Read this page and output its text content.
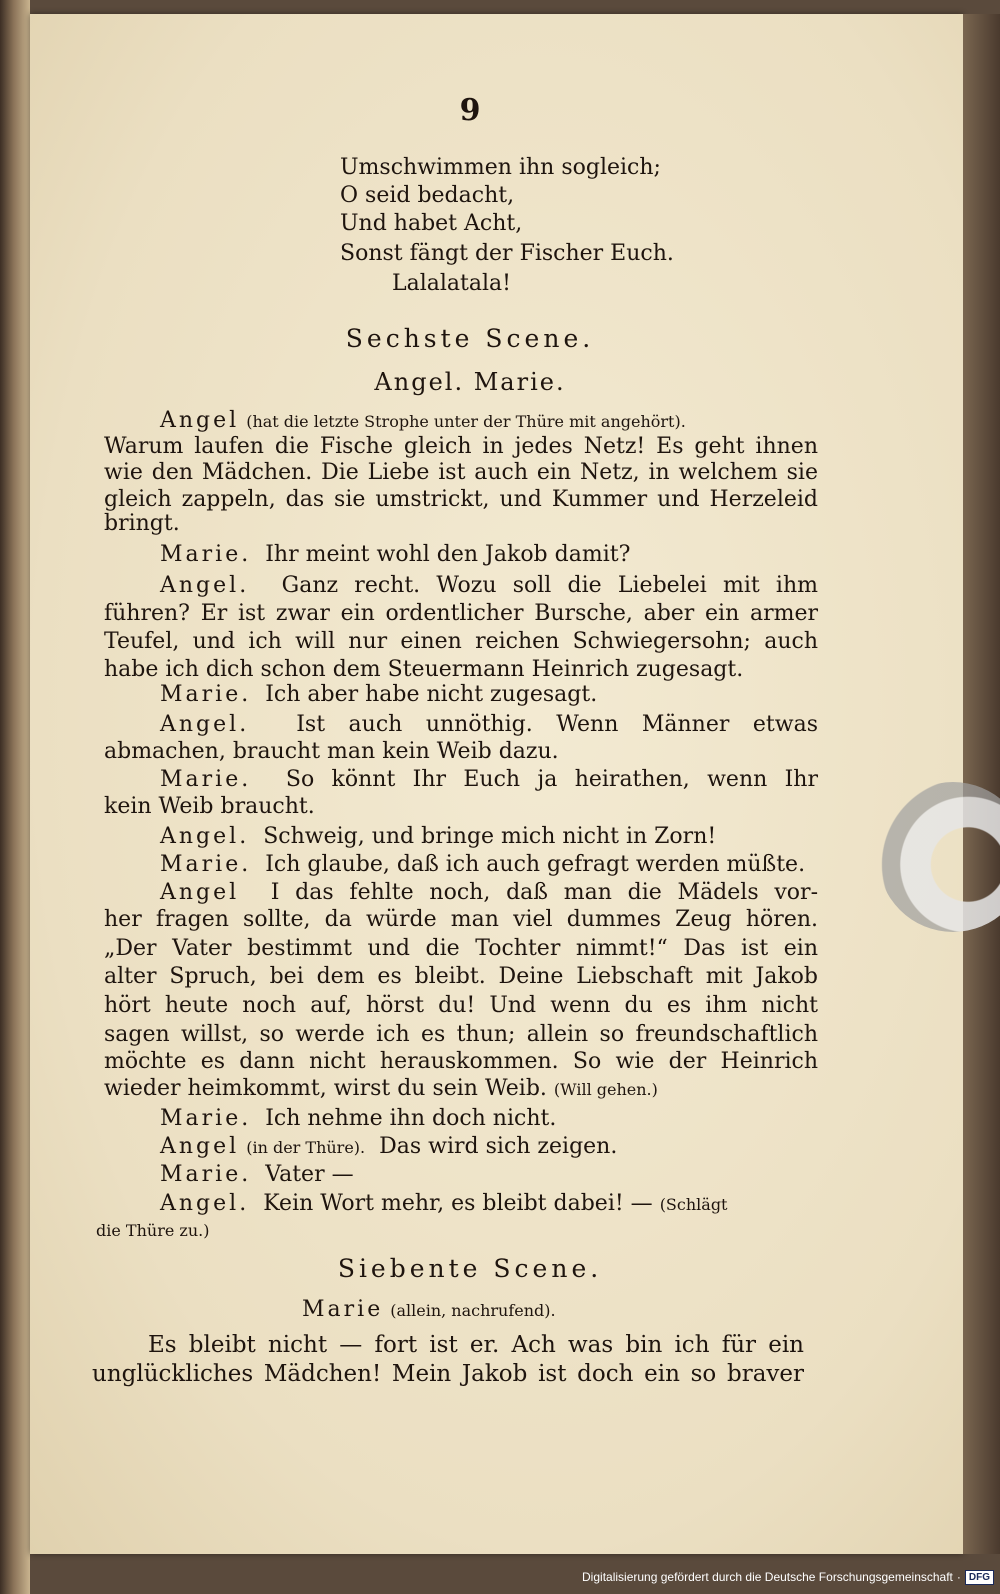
9
Umschwimmen ihn sogleich;
O seid bedacht,
Und habet Acht,
Sonst fängt der Fischer Euch.
Lalalatala!
Sechste Scene.
Angel. Marie.
Angel (hat die letzte Strophe unter der Thüre mit angehört).
Warum laufen die Fische gleich in jedes Netz! Es geht ihnen
wie den Mädchen. Die Liebe ist auch ein Netz, in welchem sie
gleich zappeln, das sie umstrickt, und Kummer und Herzeleid
bringt.
Marie. Ihr meint wohl den Jakob damit?
Angel. Ganz recht. Wozu soll die Liebelei mit ihm
führen? Er ist zwar ein ordentlicher Bursche, aber ein armer
Teufel, und ich will nur einen reichen Schwiegersohn; auch
habe ich dich schon dem Steuermann Heinrich zugesagt.
Marie. Ich aber habe nicht zugesagt.
Angel. Ist auch unnöthig. Wenn Männer etwas
abmachen, braucht man kein Weib dazu.
Marie. So könnt Ihr Euch ja heirathen, wenn Ihr
kein Weib braucht.
Angel. Schweig, und bringe mich nicht in Zorn!
Marie. Ich glaube, daß ich auch gefragt werden müßte.
Angel I das fehlte noch, daß man die Mädels vor-
her fragen sollte, da würde man viel dummes Zeug hören.
„Der Vater bestimmt und die Tochter nimmt!“ Das ist ein
alter Spruch, bei dem es bleibt. Deine Liebschaft mit Jakob
hört heute noch auf, hörst du! Und wenn du es ihm nicht
sagen willst, so werde ich es thun; allein so freundschaftlich
möchte es dann nicht herauskommen. So wie der Heinrich
wieder heimkommt, wirst du sein Weib. (Will gehen.)
Marie. Ich nehme ihn doch nicht.
Angel (in der Thüre). Das wird sich zeigen.
Marie. Vater —
Angel. Kein Wort mehr, es bleibt dabei! — (Schlägt
die Thüre zu.)
Siebente Scene.
Marie (allein, nachrufend).
Es bleibt nicht — fort ist er. Ach was bin ich für ein
unglückliches Mädchen! Mein Jakob ist doch ein so braver
Digitalisierung gefördert durch die Deutsche Forschungsgemeinschaft · DFG
